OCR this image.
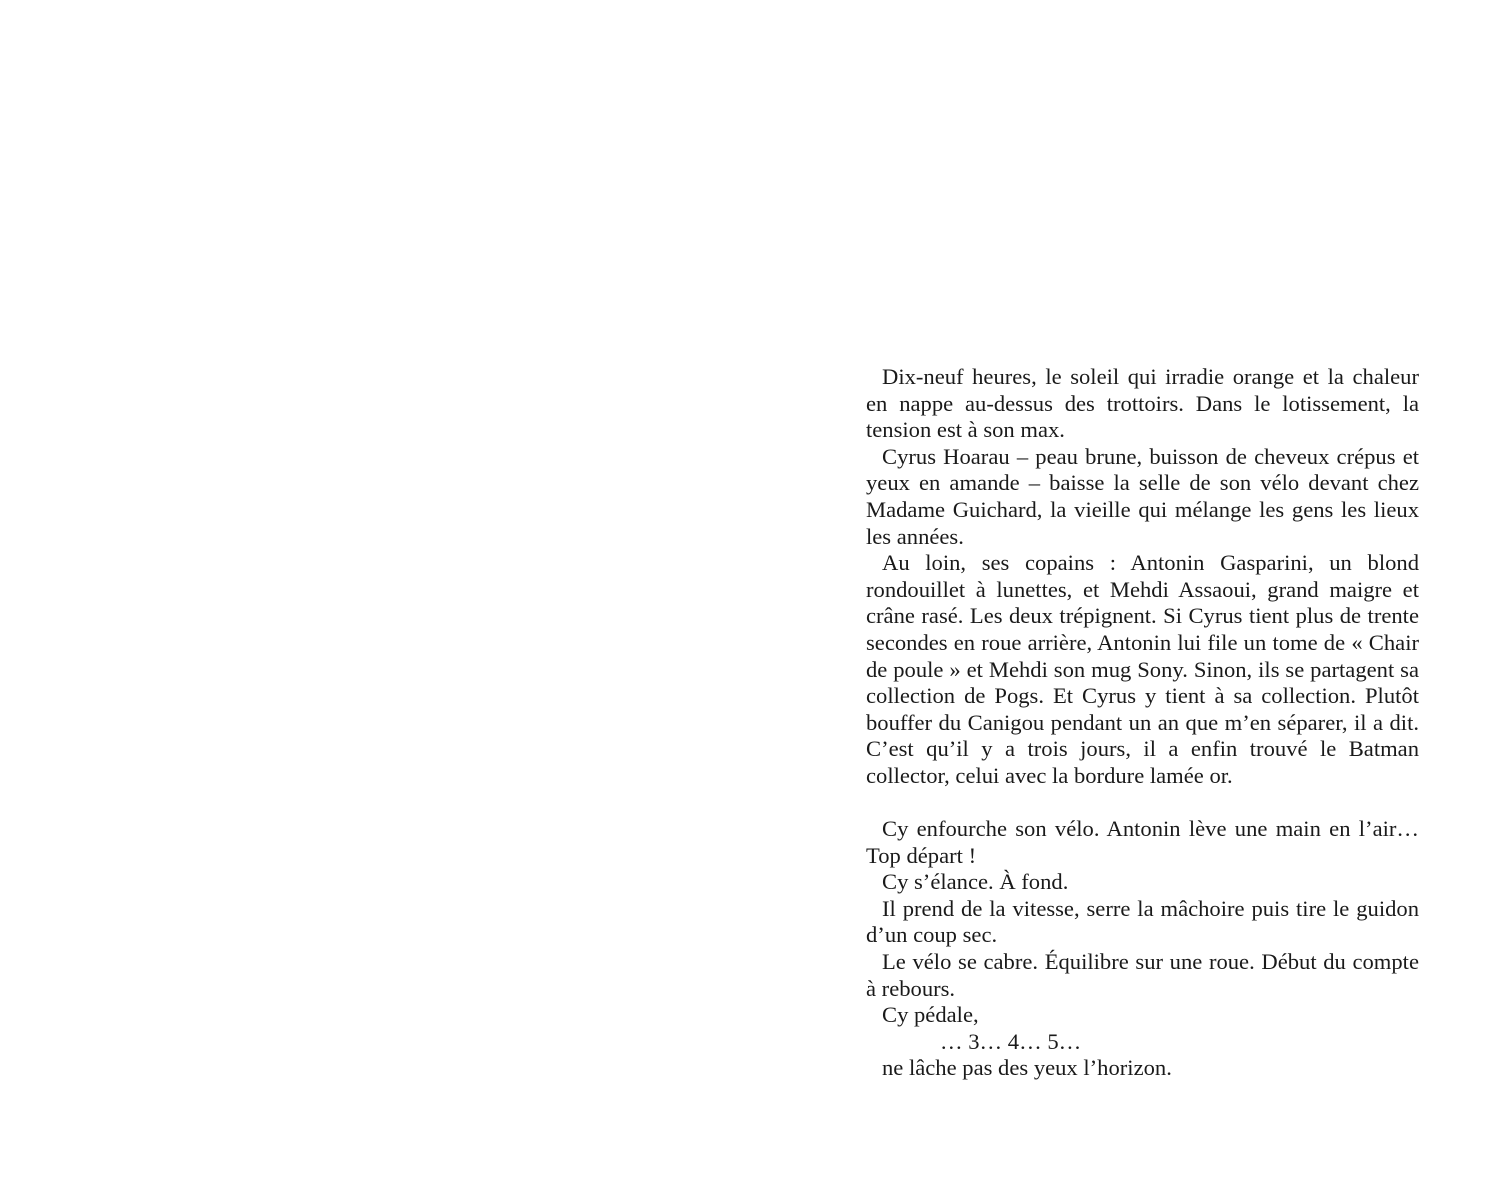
Dix-neuf heures, le soleil qui irradie orange et la chaleur en nappe au-dessus des trottoirs. Dans le lotissement, la tension est à son max.

Cyrus Hoarau – peau brune, buisson de cheveux crépus et yeux en amande – baisse la selle de son vélo devant chez Madame Guichard, la vieille qui mélange les gens les lieux les années.

Au loin, ses copains : Antonin Gasparini, un blond rondouillet à lunettes, et Mehdi Assaoui, grand maigre et crâne rasé. Les deux trépignent. Si Cyrus tient plus de trente secondes en roue arrière, Antonin lui file un tome de « Chair de poule » et Mehdi son mug Sony. Sinon, ils se partagent sa collection de Pogs. Et Cyrus y tient à sa collection. Plutôt bouffer du Canigou pendant un an que m’en séparer, il a dit. C’est qu’il y a trois jours, il a enfin trouvé le Batman collector, celui avec la bordure lamée or.

Cy enfourche son vélo. Antonin lève une main en l’air… Top départ !

Cy s’élance. À fond.

Il prend de la vitesse, serre la mâchoire puis tire le guidon d’un coup sec.

Le vélo se cabre. Équilibre sur une roue. Début du compte à rebours.

Cy pédale,

… 3… 4… 5…

ne lâche pas des yeux l’horizon.
